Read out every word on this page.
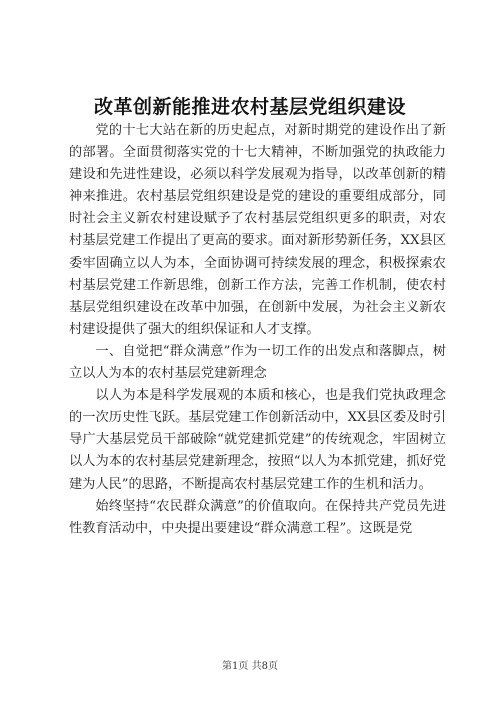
改革创新能推进农村基层党组织建设

党的十七大站在新的历史起点，对新时期党的建设作出了新的部署。全面贯彻落实党的十七大精神，不断加强党的执政能力建设和先进性建设，必须以科学发展观为指导，以改革创新的精神来推进。农村基层党组织建设是党的建设的重要组成部分，同时社会主义新农村建设赋予了农村基层党组织更多的职责，对农村基层党建工作提出了更高的要求。面对新形势新任务，XX县区委牢固确立以人为本，全面协调可持续发展的理念，积极探索农村基层党建工作新思维，创新工作方法，完善工作机制，使农村基层党组织建设在改革中加强，在创新中发展，为社会主义新农村建设提供了强大的组织保证和人才支撑。

一、自觉把“群众满意”作为一切工作的出发点和落脚点，树立以人为本的农村基层党建新理念

以人为本是科学发展观的本质和核心，也是我们党执政理念的一次历史性飞跃。基层党建工作创新活动中，XX县区委及时引导广大基层党员干部破除“就党建抓党建”的传统观念，牢固树立以人为本的农村基层党建新理念，按照“以人为本抓党建，抓好党建为人民”的思路，不断提高农村基层党建工作的生机和活力。

始终坚持“农民群众满意”的价值取向。在保持共产党员先进性教育活动中，中央提出要建设“群众满意工程”。这既是党

第1页 共8页
